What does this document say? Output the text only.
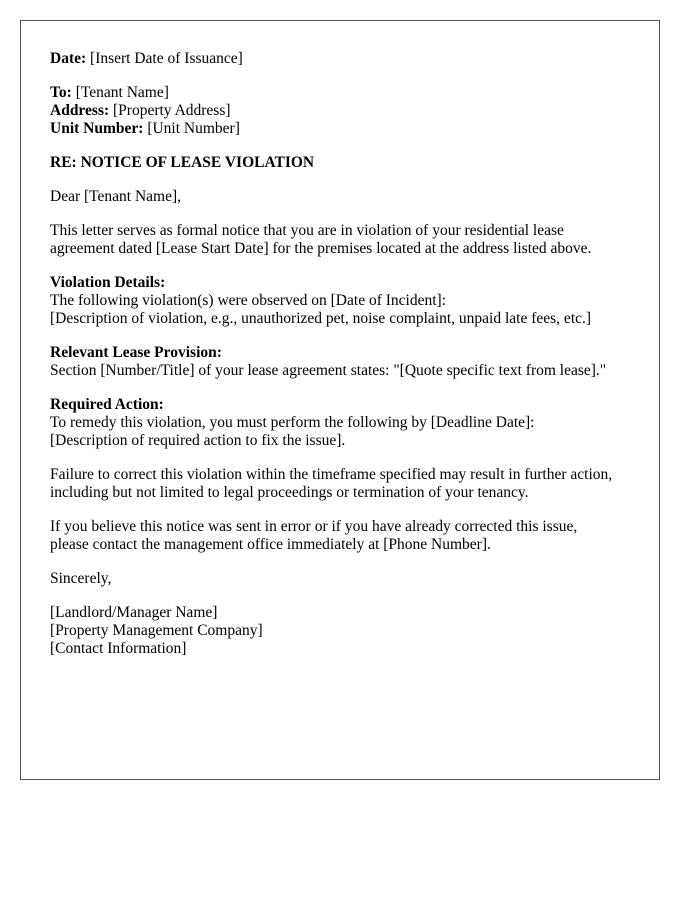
Date: [Insert Date of Issuance]
To: [Tenant Name]
Address: [Property Address]
Unit Number: [Unit Number]
RE: NOTICE OF LEASE VIOLATION
Dear [Tenant Name],
This letter serves as formal notice that you are in violation of your residential lease
agreement dated [Lease Start Date] for the premises located at the address listed above.
Violation Details:
The following violation(s) were observed on [Date of Incident]:
[Description of violation, e.g., unauthorized pet, noise complaint, unpaid late fees, etc.]
Relevant Lease Provision:
Section [Number/Title] of your lease agreement states: "[Quote specific text from lease]."
Required Action:
To remedy this violation, you must perform the following by [Deadline Date]:
[Description of required action to fix the issue].
Failure to correct this violation within the timeframe specified may result in further action,
including but not limited to legal proceedings or termination of your tenancy.
If you believe this notice was sent in error or if you have already corrected this issue,
please contact the management office immediately at [Phone Number].
Sincerely,
[Landlord/Manager Name]
[Property Management Company]
[Contact Information]
